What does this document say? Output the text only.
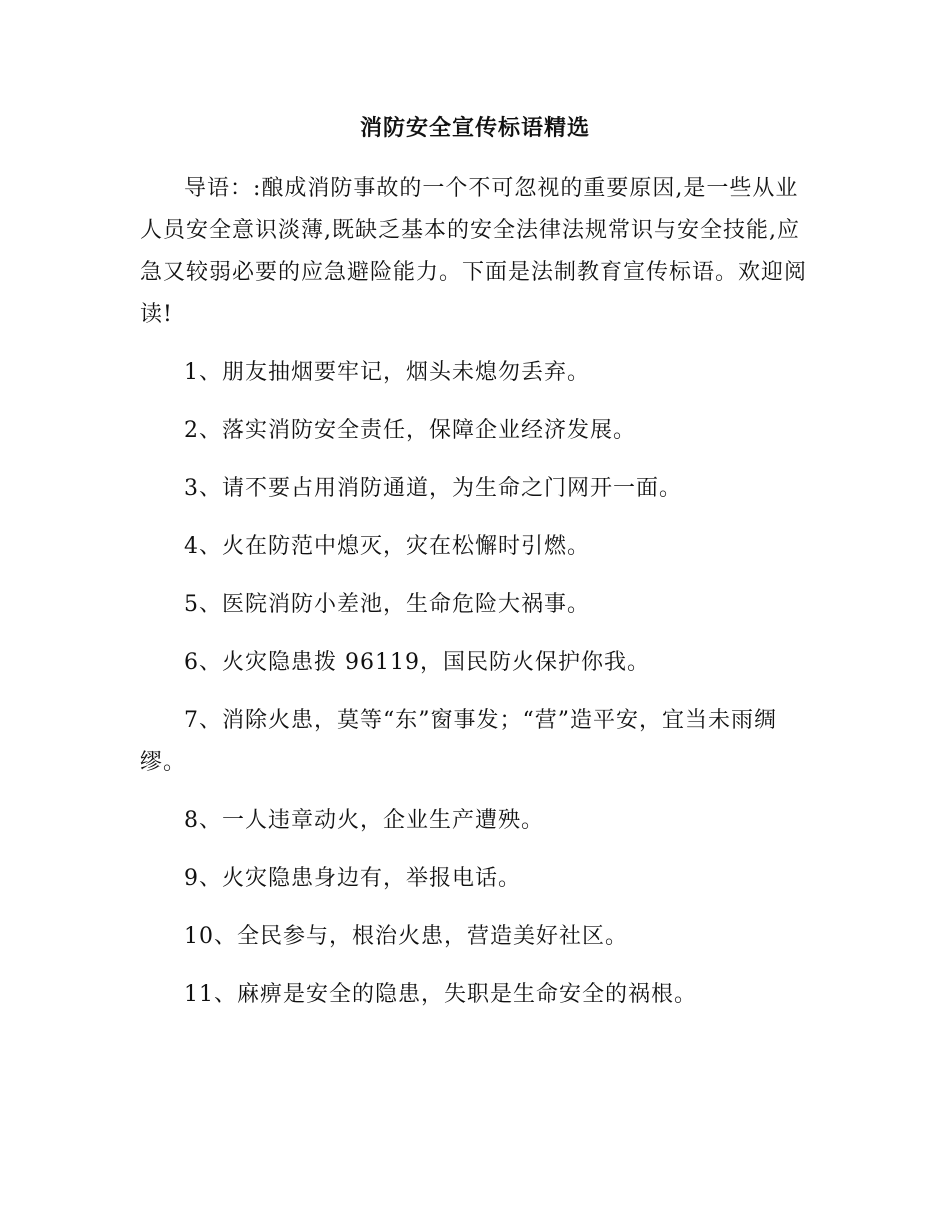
消防安全宣传标语精选

导语：:酿成消防事故的一个不可忽视的重要原因,是一些从业人员安全意识淡薄,既缺乏基本的安全法律法规常识与安全技能,应急又较弱必要的应急避险能力。下面是法制教育宣传标语。欢迎阅读!

1、朋友抽烟要牢记，烟头未熄勿丢弃。

2、落实消防安全责任，保障企业经济发展。

3、请不要占用消防通道，为生命之门网开一面。

4、火在防范中熄灭，灾在松懈时引燃。

5、医院消防小差池，生命危险大祸事。

6、火灾隐患拨 96119，国民防火保护你我。

7、消除火患，莫等“东”窗事发；“营”造平安，宜当未雨绸缪。

8、一人违章动火，企业生产遭殃。

9、火灾隐患身边有，举报电话。

10、全民参与，根治火患，营造美好社区。

11、麻痹是安全的隐患，失职是生命安全的祸根。
